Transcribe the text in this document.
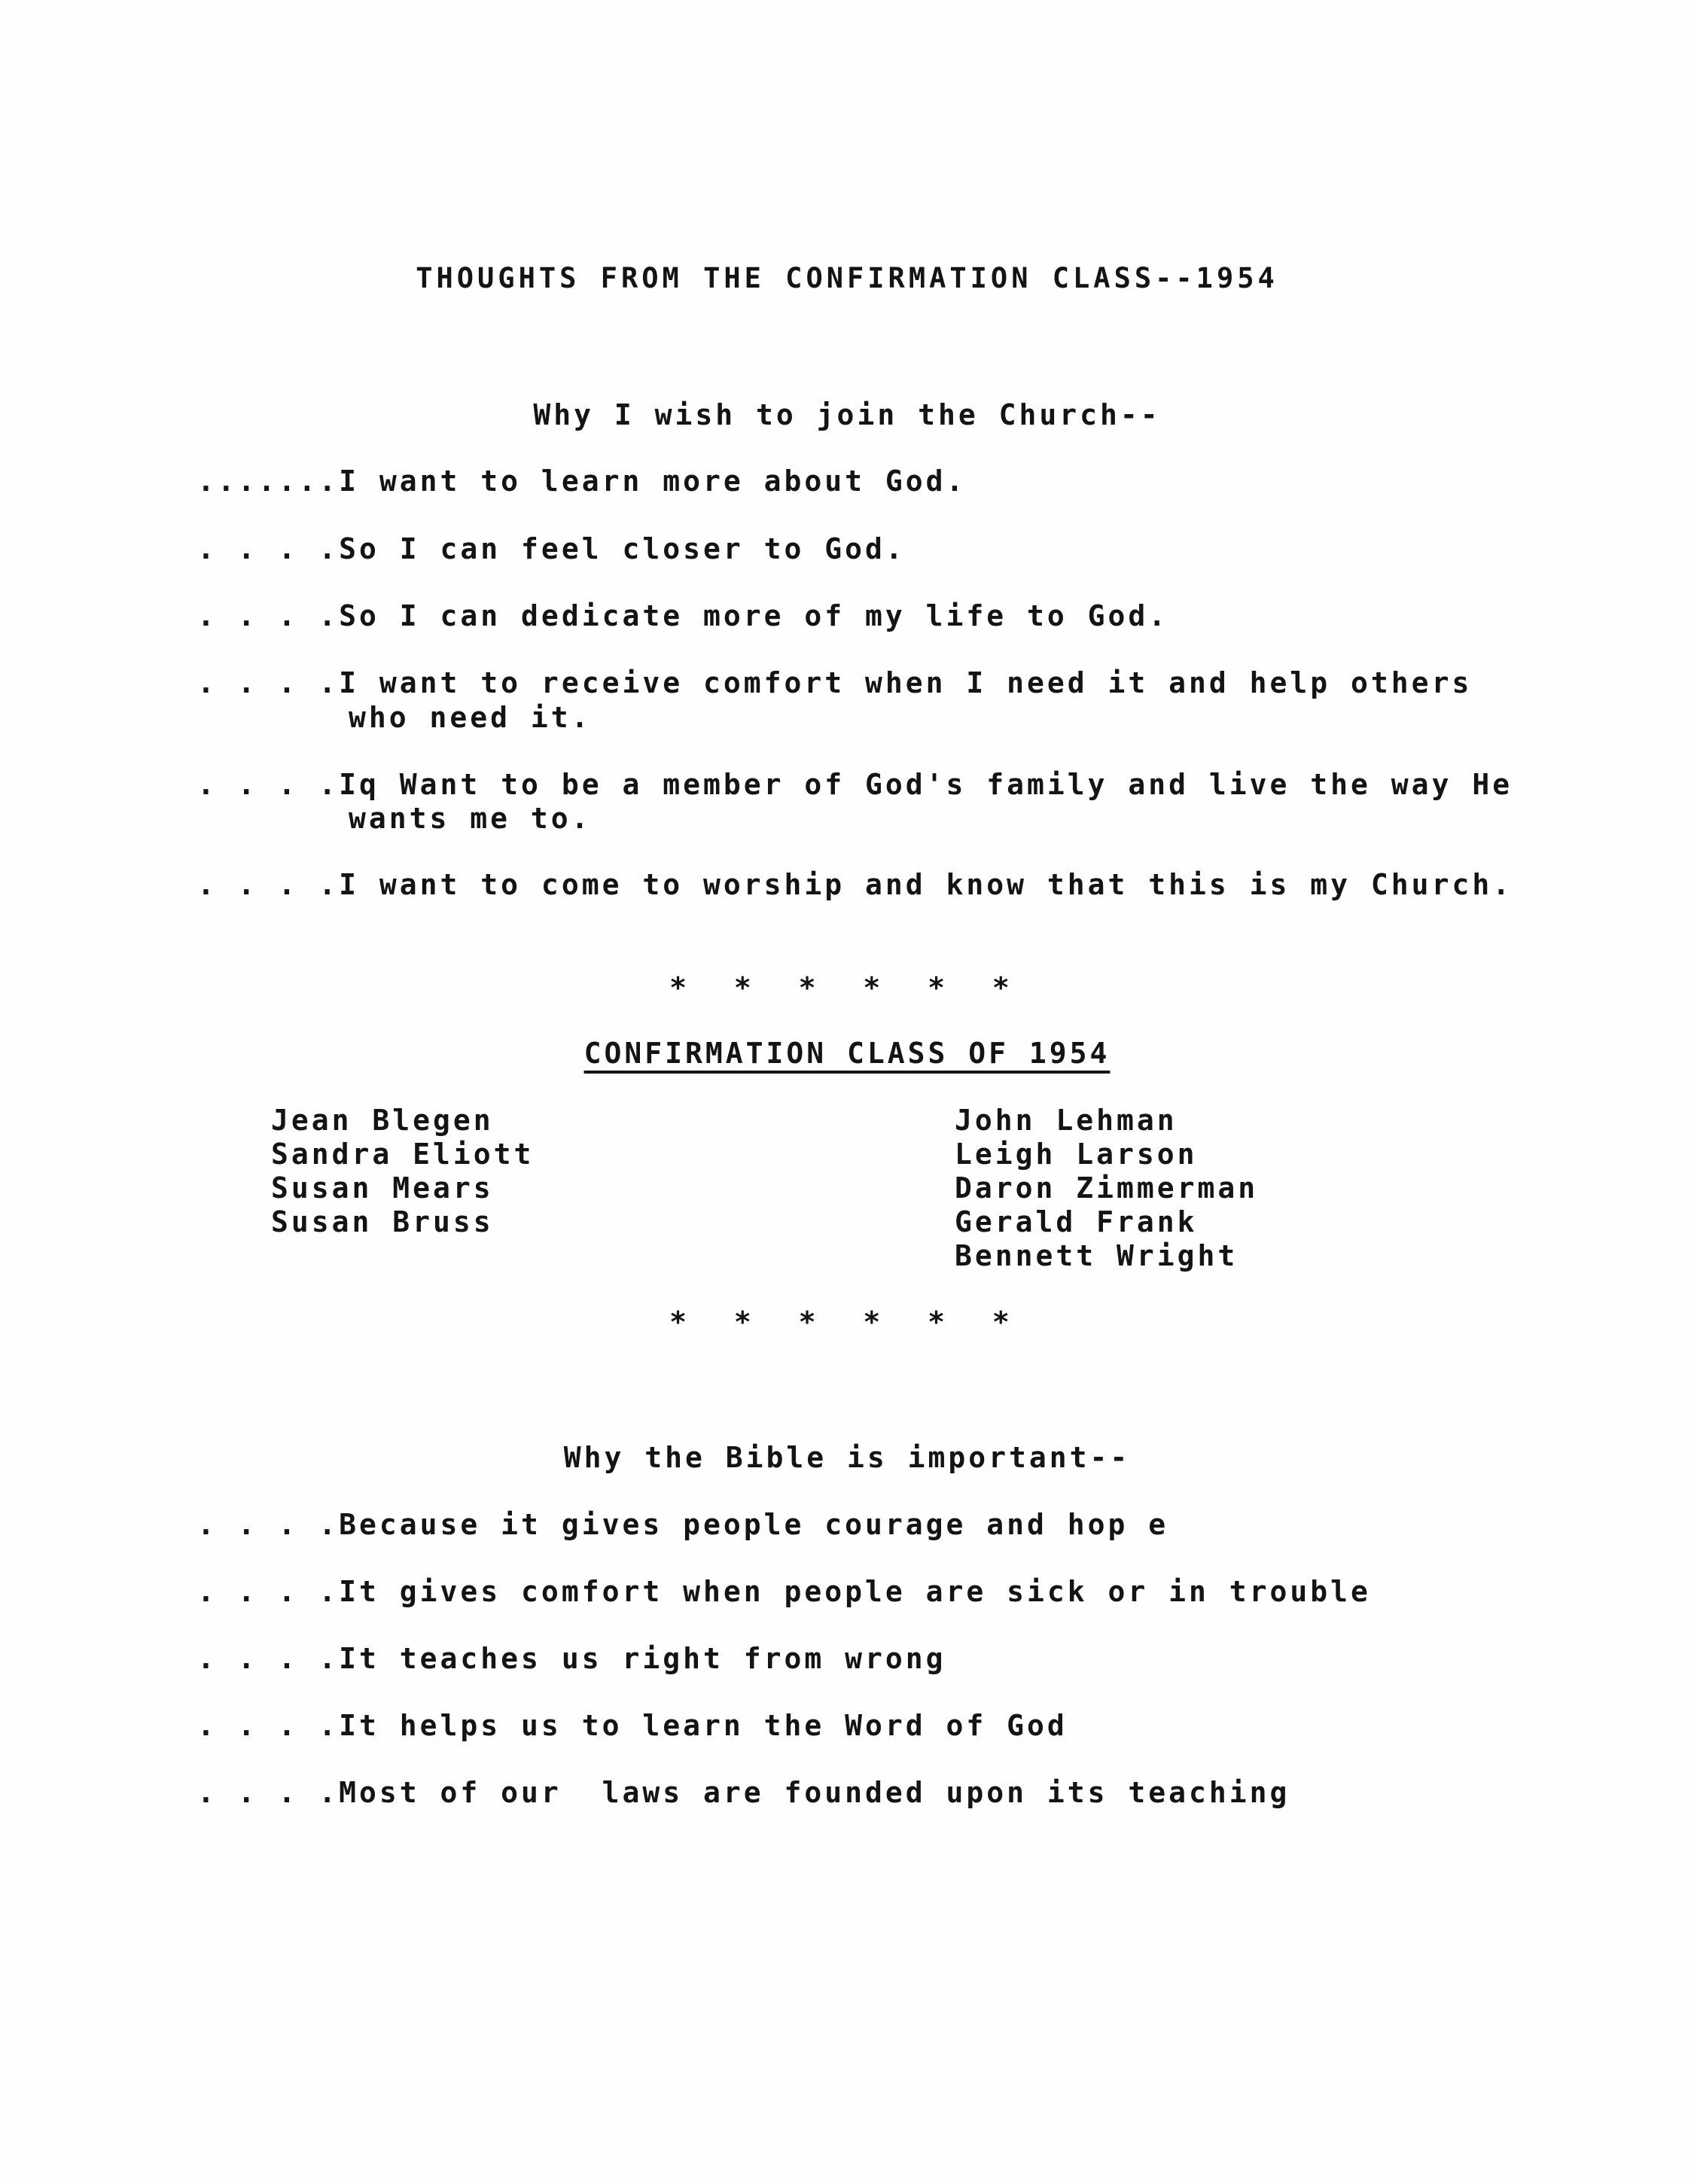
THOUGHTS FROM THE CONFIRMATION CLASS--1954
Why I wish to join the Church--
.......I want to learn more about God.
. . . .So I can feel closer to God.
. . . .So I can dedicate more of my life to God.
. . . .I want to receive comfort when I need it and help others
who need it.
. . . .Iq Want to be a member of God's family and live the way He
wants me to.
. . . .I want to come to worship and know that this is my Church.
* * * * * *
CONFIRMATION CLASS OF 1954
Jean Blegen
Sandra Eliott
Susan Mears
Susan Bruss
John Lehman
Leigh Larson
Daron Zimmerman
Gerald Frank
Bennett Wright
* * * * * *
Why the Bible is important--
. . . .Because it gives people courage and hop e
. . . .It gives comfort when people are sick or in trouble
. . . .It teaches us right from wrong
. . . .It helps us to learn the Word of God
. . . .Most of our  laws are founded upon its teaching
